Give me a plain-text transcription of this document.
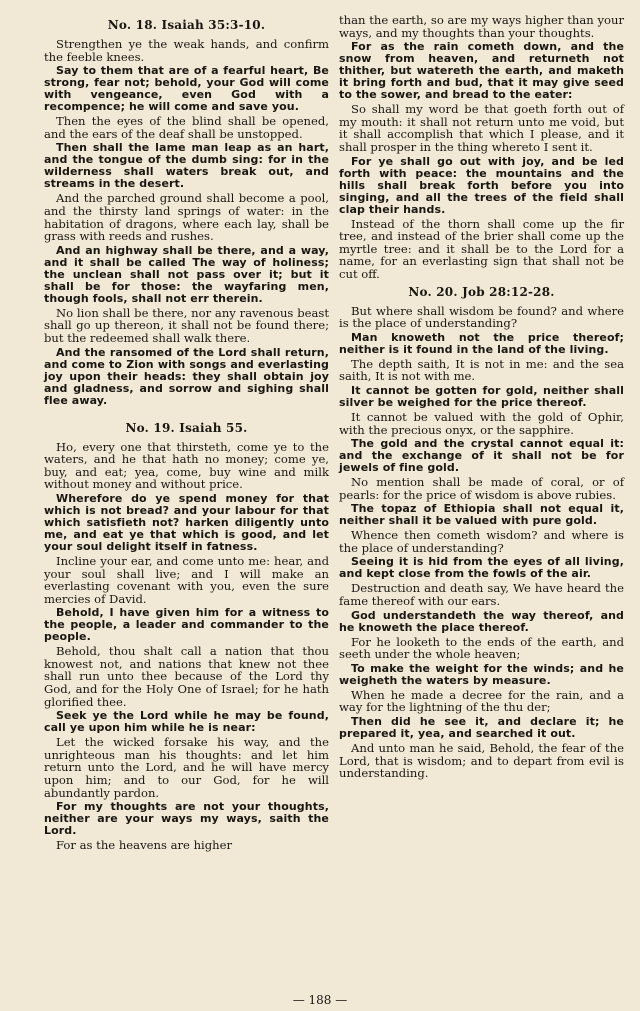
No. 18. Isaiah 35:3-10.

Strengthen ye the weak hands, and confirm the feeble knees.

Say to them that are of a fearful heart, Be strong, fear not; behold, your God will come with vengeance, even God with a recompence; he will come and save you.

Then the eyes of the blind shall be opened, and the ears of the deaf shall be unstopped.

Then shall the lame man leap as an hart, and the tongue of the dumb sing: for in the wilderness shall waters break out, and streams in the desert.

And the parched ground shall become a pool, and the thirsty land springs of water: in the habitation of dragons, where each lay, shall be grass with reeds and rushes.

And an highway shall be there, and a way, and it shall be called The way of holiness; the unclean shall not pass over it; but it shall be for those: the wayfaring men, though fools, shall not err therein.

No lion shall be there, nor any ravenous beast shall go up thereon, it shall not be found there; but the redeemed shall walk there.

And the ransomed of the Lord shall return, and come to Zion with songs and everlasting joy upon their heads: they shall obtain joy and gladness, and sorrow and sighing shall flee away.

No. 19. Isaiah 55.

Ho, every one that thirsteth, come ye to the waters, and he that hath no money; come ye, buy, and eat; yea, come, buy wine and milk without money and without price.

Wherefore do ye spend money for that which is not bread? and your labour for that which satisfieth not? harken diligently unto me, and eat ye that which is good, and let your soul delight itself in fatness.

Incline your ear, and come unto me: hear, and your soul shall live; and I will make an everlasting covenant with you, even the sure mercies of David.

Behold, I have given him for a witness to the people, a leader and commander to the people.

Behold, thou shalt call a nation that thou knowest not, and nations that knew not thee shall run unto thee because of the Lord thy God, and for the Holy One of Israel; for he hath glorified thee.

Seek ye the Lord while he may be found, call ye upon him while he is near:

Let the wicked forsake his way, and the unrighteous man his thoughts: and let him return unto the Lord, and he will have mercy upon him; and to our God, for he will abundantly pardon.

For my thoughts are not your thoughts, neither are your ways my ways, saith the Lord.

For as the heavens are higher

than the earth, so are my ways higher than your ways, and my thoughts than your thoughts.

For as the rain cometh down, and the snow from heaven, and returneth not thither, but watereth the earth, and maketh it bring forth and bud, that it may give seed to the sower, and bread to the eater:

So shall my word be that goeth forth out of my mouth: it shall not return unto me void, but it shall accomplish that which I please, and it shall prosper in the thing whereto I sent it.

For ye shall go out with joy, and be led forth with peace: the mountains and the hills shall break forth before you into singing, and all the trees of the field shall clap their hands.

Instead of the thorn shall come up the fir tree, and instead of the brier shall come up the myrtle tree: and it shall be to the Lord for a name, for an everlasting sign that shall not be cut off.

No. 20. Job 28:12-28.

But where shall wisdom be found? and where is the place of understanding?

Man knoweth not the price thereof; neither is it found in the land of the living.

The depth saith, It is not in me: and the sea saith, It is not with me.

It cannot be gotten for gold, neither shall silver be weighed for the price thereof.

It cannot be valued with the gold of Ophir, with the precious onyx, or the sapphire.

The gold and the crystal cannot equal it: and the exchange of it shall not be for jewels of fine gold.

No mention shall be made of coral, or of pearls: for the price of wisdom is above rubies.

The topaz of Ethiopia shall not equal it, neither shall it be valued with pure gold.

Whence then cometh wisdom? and where is the place of understanding?

Seeing it is hid from the eyes of all living, and kept close from the fowls of the air.

Destruction and death say, We have heard the fame thereof with our ears.

God understandeth the way thereof, and he knoweth the place thereof.

For he looketh to the ends of the earth, and seeth under the whole heaven;

To make the weight for the winds; and he weigheth the waters by measure.

When he made a decree for the rain, and a way for the lightning of the thu der;

Then did he see it, and declare it; he prepared it, yea, and searched it out.

And unto man he said, Behold, the fear of the Lord, that is wisdom; and to depart from evil is understanding.

— 188 —
